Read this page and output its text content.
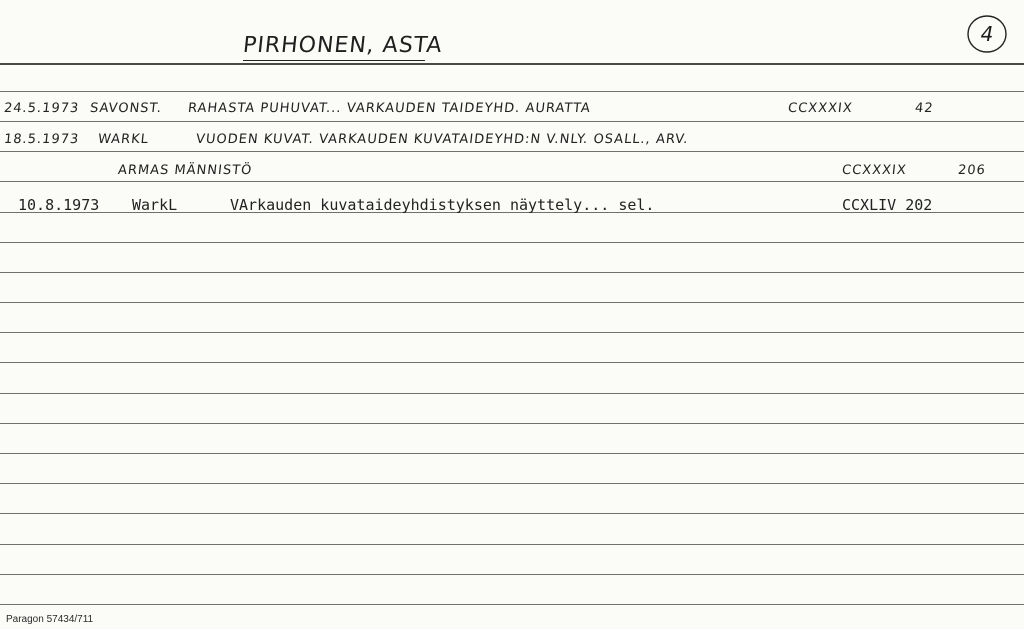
PIRHONEN, ASTA	4
24.5.1973 SAVONST. RAHASTA PUHUVAT... VARKAUDEN TAIDEYHD. AURATTA	CCXXXIX	42
18.5.1973 WARKL	VUODEN KUVAT. VARKAUDEN KUVATAIDEYHD:N V.NLY. OSALL., ARV.
ARMAS MÄNNISTÖ	CCXXXIX	206
10.8.1973 WarkL	VArkauden kuvataideyhdistyksen näyttely... sel.	CCXLIV 202
Paragon 57434/711
